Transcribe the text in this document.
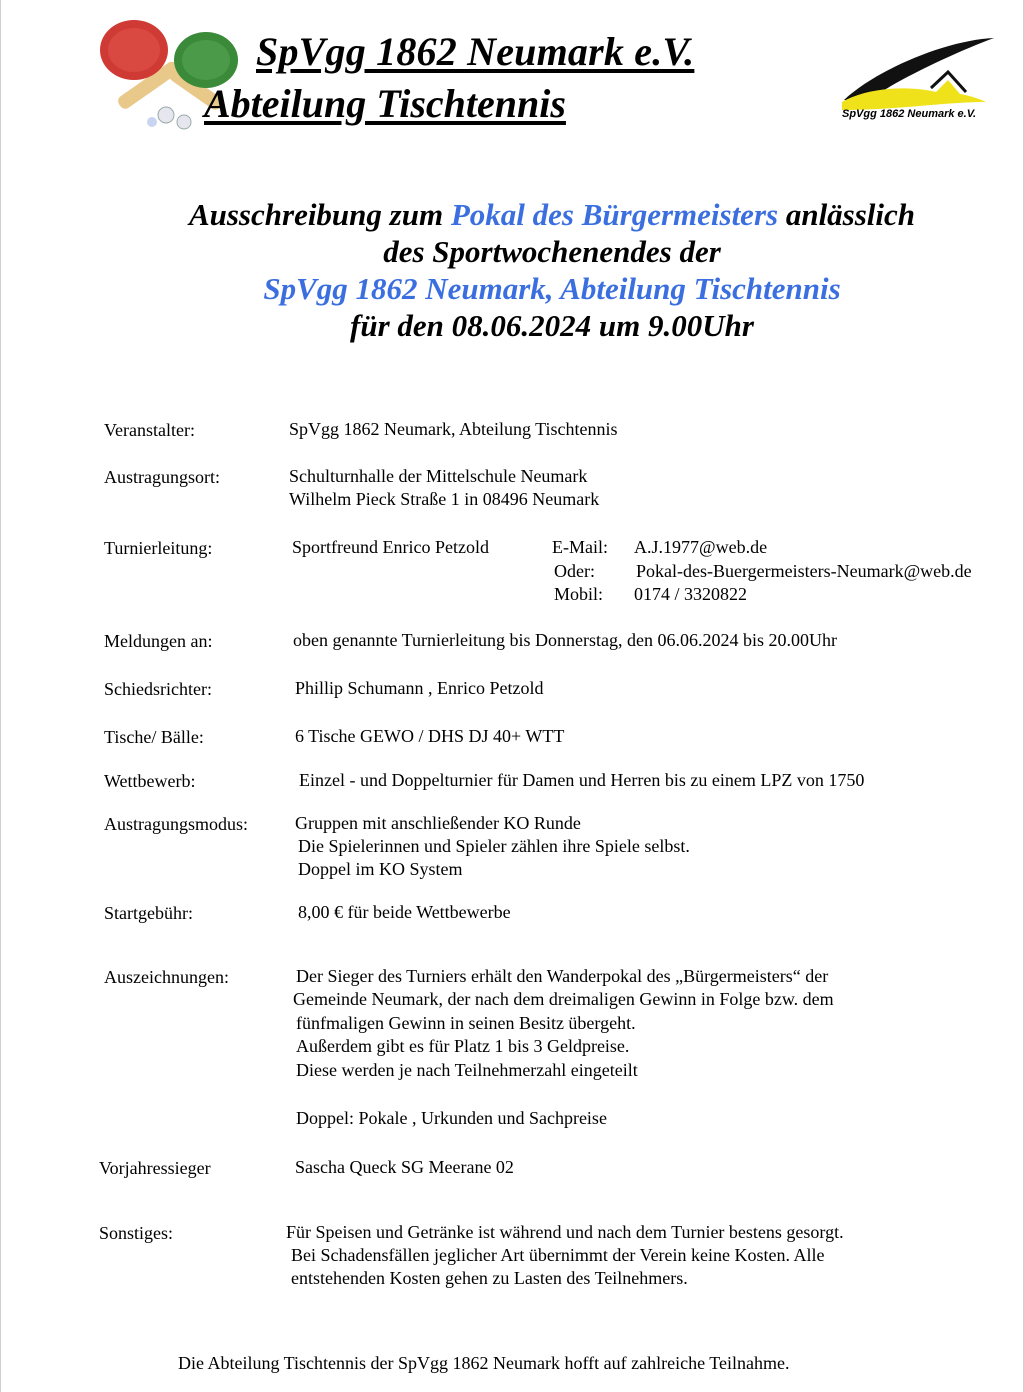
SpVgg 1862 Neumark e.V.
Abteilung Tischtennis	SpVgg 1862 Neumark e.V.
Ausschreibung zum Pokal des Bürgermeisters anlässlich
des Sportwochenendes der
SpVgg 1862 Neumark, Abteilung Tischtennis
für den 08.06.2024 um 9.00Uhr
Veranstalter:	SpVgg 1862 Neumark, Abteilung Tischtennis
Austragungsort:	Schulturnhalle der Mittelschule Neumark
Wilhelm Pieck Straße 1 in 08496 Neumark
Turnierleitung:	Sportfreund Enrico Petzold	E-Mail: A.J.1977@web.de
Oder: Pokal-des-Buergermeisters-Neumark@web.de
Mobil: 0174 / 3320822
Meldungen an:	oben genannte Turnierleitung bis Donnerstag, den 06.06.2024 bis 20.00Uhr
Schiedsrichter:	Phillip Schumann , Enrico Petzold
Tische/ Bälle:	6 Tische GEWO / DHS DJ 40+ WTT
Wettbewerb:	Einzel - und Doppelturnier für Damen und Herren bis zu einem LPZ von 1750
Austragungsmodus:	Gruppen mit anschließender KO Runde
Die Spielerinnen und Spieler zählen ihre Spiele selbst.
Doppel im KO System
Startgebühr:	8,00 € für beide Wettbewerbe
Auszeichnungen:	Der Sieger des Turniers erhält den Wanderpokal des „Bürgermeisters“ der
Gemeinde Neumark, der nach dem dreimaligen Gewinn in Folge bzw. dem
fünfmaligen Gewinn in seinen Besitz übergeht.
Außerdem gibt es für Platz 1 bis 3 Geldpreise.
Diese werden je nach Teilnehmerzahl eingeteilt
Doppel: Pokale , Urkunden und Sachpreise
Vorjahressieger	Sascha Queck SG Meerane 02
Sonstiges:	Für Speisen und Getränke ist während und nach dem Turnier bestens gesorgt.
Bei Schadensfällen jeglicher Art übernimmt der Verein keine Kosten. Alle
entstehenden Kosten gehen zu Lasten des Teilnehmers.
Die Abteilung Tischtennis der SpVgg 1862 Neumark hofft auf zahlreiche Teilnahme.
